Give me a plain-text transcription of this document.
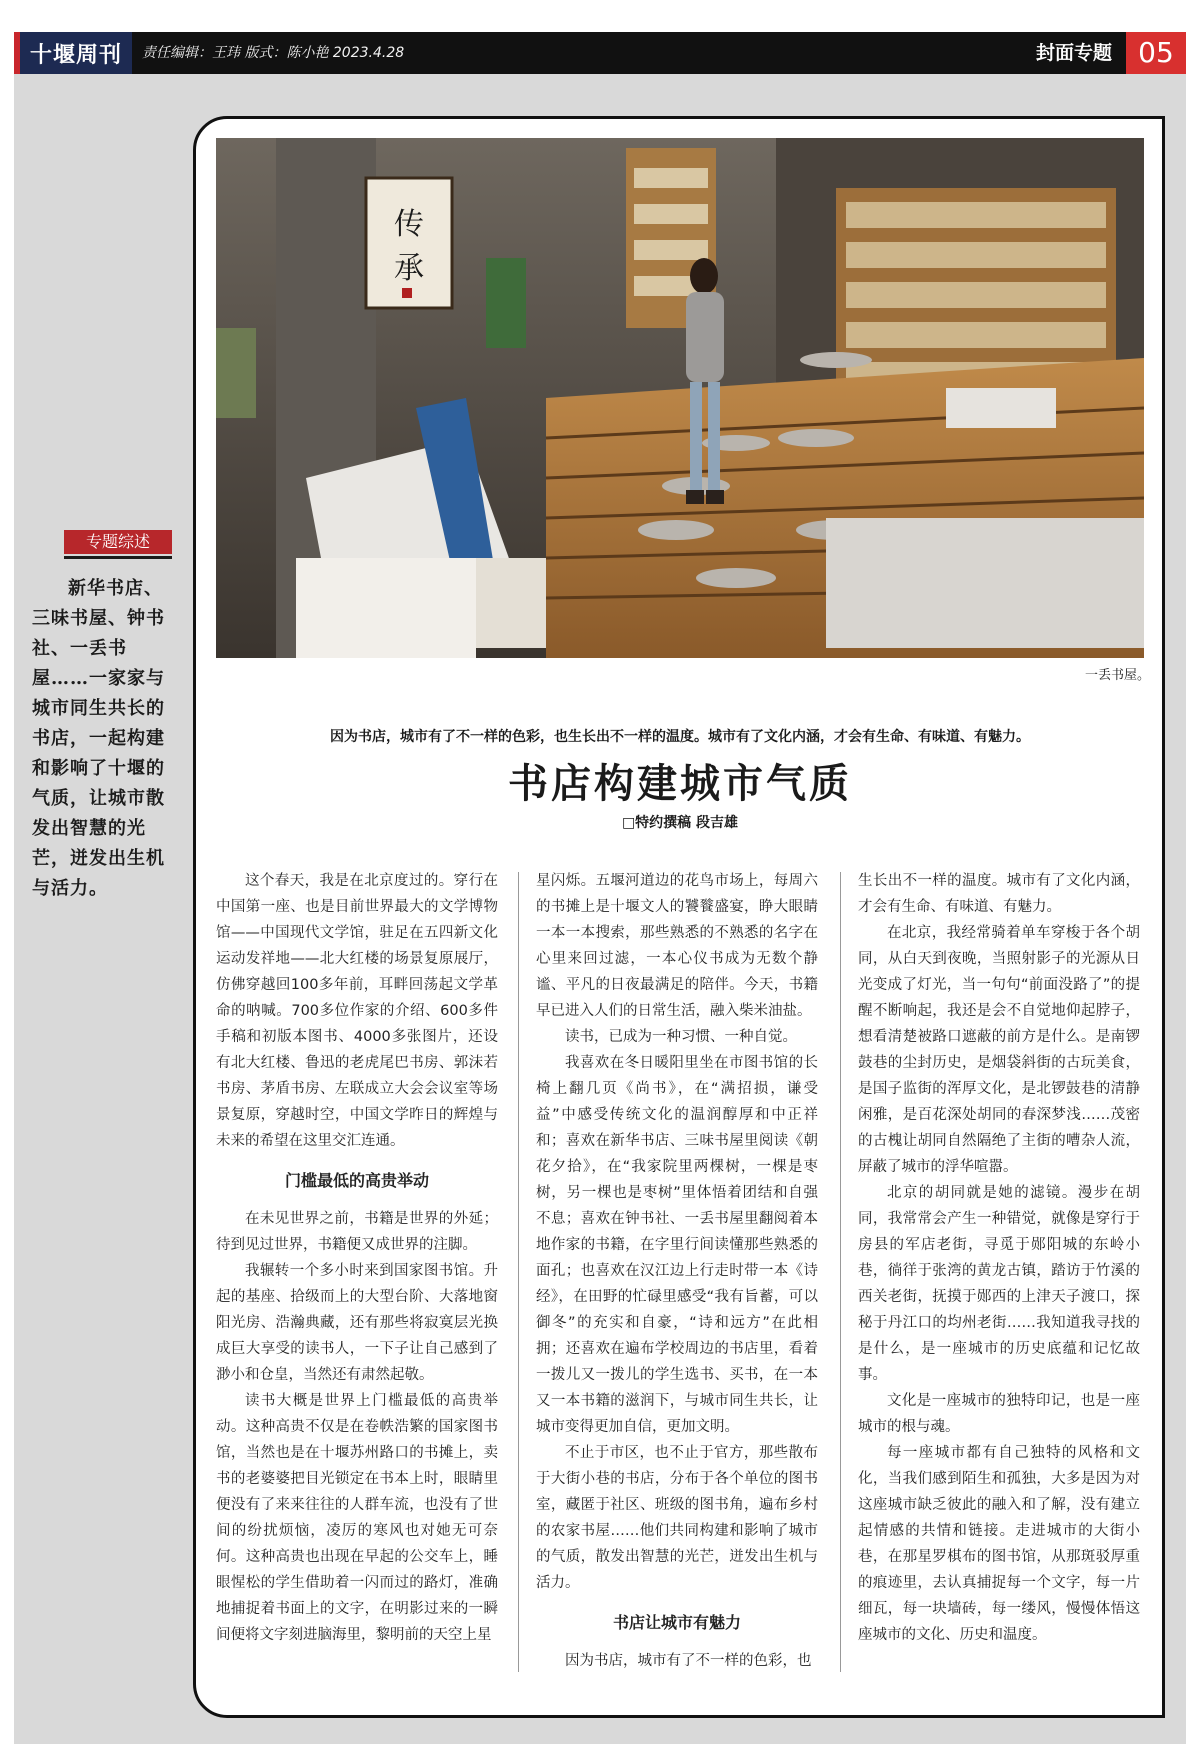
十堰周刊	责任编辑：王玮 版式：陈小艳 2023.4.28	封面专题 05
传
承
一丢书屋。
专题综述
新华书店、三味书屋、钟书社、一丢书屋……一家家与城市同生共长的书店，一起构建和影响了十堰的气质，让城市散发出智慧的光芒，迸发出生机与活力。
因为书店，城市有了不一样的色彩，也生长出不一样的温度。城市有了文化内涵，才会有生命、有味道、有魅力。
书店构建城市气质
□特约撰稿 段吉雄

这个春天，我是在北京度过的。穿行在中国第一座、也是目前世界最大的文学博物馆——中国现代文学馆，驻足在五四新文化运动发祥地——北大红楼的场景复原展厅，仿佛穿越回100多年前，耳畔回荡起文学革命的呐喊。700多位作家的介绍、600多件手稿和初版本图书、4000多张图片，还设有北大红楼、鲁迅的老虎尾巴书房、郭沫若书房、茅盾书房、左联成立大会会议室等场景复原，穿越时空，中国文学昨日的辉煌与未来的希望在这里交汇连通。

门槛最低的高贵举动

在未见世界之前，书籍是世界的外延；待到见过世界，书籍便又成世界的注脚。

我辗转一个多小时来到国家图书馆。升起的基座、拾级而上的大型台阶、大落地窗阳光房、浩瀚典藏，还有那些将寂寞层光换成巨大享受的读书人，一下子让自己感到了渺小和仓皇，当然还有肃然起敬。

读书大概是世界上门槛最低的高贵举动。这种高贵不仅是在卷帙浩繁的国家图书馆，当然也是在十堰苏州路口的书摊上，卖书的老婆婆把目光锁定在书本上时，眼睛里便没有了来来往往的人群车流，也没有了世间的纷扰烦恼，凌厉的寒风也对她无可奈何。这种高贵也出现在早起的公交车上，睡眼惺松的学生借助着一闪而过的路灯，准确地捕捉着书面上的文字，在明影过来的一瞬间便将文字刻进脑海里，黎明前的天空上星

星闪烁。五堰河道边的花鸟市场上，每周六的书摊上是十堰文人的饕餮盛宴，睁大眼睛一本一本搜索，那些熟悉的不熟悉的名字在心里来回过滤，一本心仪书成为无数个静谧、平凡的日夜最满足的陪伴。今天，书籍早已进入人们的日常生活，融入柴米油盐。

读书，已成为一种习惯、一种自觉。

我喜欢在冬日暖阳里坐在市图书馆的长椅上翻几页《尚书》，在“满招损，谦受益”中感受传统文化的温润醇厚和中正祥和；喜欢在新华书店、三味书屋里阅读《朝花夕拾》，在“我家院里两棵树，一棵是枣树，另一棵也是枣树”里体悟着团结和自强不息；喜欢在钟书社、一丢书屋里翻阅着本地作家的书籍，在字里行间读懂那些熟悉的面孔；也喜欢在汉江边上行走时带一本《诗经》，在田野的忙碌里感受“我有旨蓄，可以御冬”的充实和自豪，“诗和远方”在此相拥；还喜欢在遍布学校周边的书店里，看着一拨儿又一拨儿的学生选书、买书，在一本又一本书籍的滋润下，与城市同生共长，让城市变得更加自信，更加文明。

不止于市区，也不止于官方，那些散布于大街小巷的书店，分布于各个单位的图书室，藏匿于社区、班级的图书角，遍布乡村的农家书屋……他们共同构建和影响了城市的气质，散发出智慧的光芒，迸发出生机与活力。

书店让城市有魅力

因为书店，城市有了不一样的色彩，也

生长出不一样的温度。城市有了文化内涵，才会有生命、有味道、有魅力。

在北京，我经常骑着单车穿梭于各个胡同，从白天到夜晚，当照射影子的光源从日光变成了灯光，当一句句“前面没路了”的提醒不断响起，我还是会不自觉地仰起脖子，想看清楚被路口遮蔽的前方是什么。是南锣鼓巷的尘封历史，是烟袋斜街的古玩美食，是国子监街的浑厚文化，是北锣鼓巷的清静闲雅，是百花深处胡同的春深梦浅……茂密的古槐让胡同自然隔绝了主街的嘈杂人流，屏蔽了城市的浮华喧嚣。

北京的胡同就是她的滤镜。漫步在胡同，我常常会产生一种错觉，就像是穿行于房县的军店老街，寻觅于郧阳城的东岭小巷，徜徉于张湾的黄龙古镇，踏访于竹溪的西关老街，抚摸于郧西的上津天子渡口，探秘于丹江口的均州老街……我知道我寻找的是什么，是一座城市的历史底蕴和记忆故事。

文化是一座城市的独特印记，也是一座城市的根与魂。

每一座城市都有自己独特的风格和文化，当我们感到陌生和孤独，大多是因为对这座城市缺乏彼此的融入和了解，没有建立起情感的共情和链接。走进城市的大街小巷，在那星罗棋布的图书馆，从那斑驳厚重的痕迹里，去认真捕捉每一个文字，每一片细瓦，每一块墙砖，每一缕风，慢慢体悟这座城市的文化、历史和温度。
